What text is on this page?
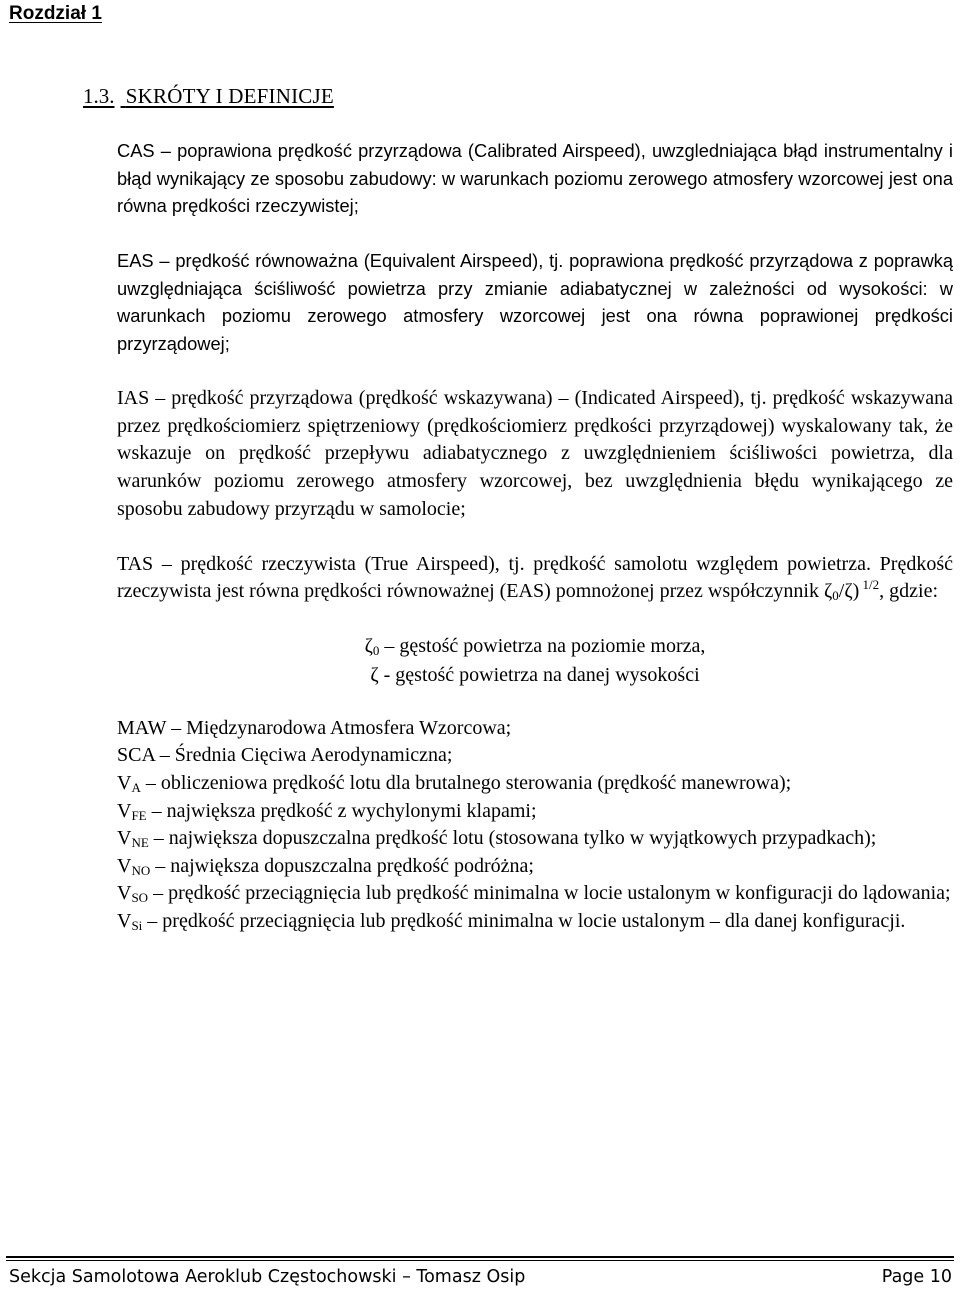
Rozdział 1
1.3. SKRÓTY I DEFINICJE

CAS – poprawiona prędkość przyrządowa (Calibrated Airspeed), uwzgledniająca błąd instrumentalny i błąd wynikający ze sposobu zabudowy: w warunkach poziomu zerowego atmosfery wzorcowej jest ona równa prędkości rzeczywistej;

EAS – prędkość równoważna (Equivalent Airspeed), tj. poprawiona prędkość przyrządowa z poprawką uwzględniająca ściśliwość powietrza przy zmianie adiabatycznej w zależności od wysokości: w warunkach poziomu zerowego atmosfery wzorcowej jest ona równa poprawionej prędkości przyrządowej;

IAS – prędkość przyrządowa (prędkość wskazywana) – (Indicated Airspeed), tj. prędkość wskazywana przez prędkościomierz spiętrzeniowy (prędkościomierz prędkości przyrządowej) wyskalowany tak, że wskazuje on prędkość przepływu adiabatycznego z uwzględnieniem ściśliwości powietrza, dla warunków poziomu zerowego atmosfery wzorcowej, bez uwzględnienia błędu wynikającego ze sposobu zabudowy przyrządu w samolocie;

TAS – prędkość rzeczywista (True Airspeed), tj. prędkość samolotu względem powietrza. Prędkość rzeczywista jest równa prędkości równoważnej (EAS) pomnożonej przez współczynnik $\zeta_0/\zeta$) $^{1/2}$, gdzie:

$\zeta_0$ – gęstość powietrza na poziomie morza,

ζ - gęstość powietrza na danej wysokości

MAW – Międzynarodowa Atmosfera Wzorcowa;

SCA – Średnia Cięciwa Aerodynamiczna;

$V_A$ – obliczeniowa prędkość lotu dla brutalnego sterowania (prędkość manewrowa);

$V_{FE}$ – największa prędkość z wychylonymi klapami;

$V_{NE}$ – największa dopuszczalna prędkość lotu (stosowana tylko w wyjątkowych przypadkach);

$V_{NO}$ – największa dopuszczalna prędkość podróżna;

$V_{SO}$ – prędkość przeciągnięcia lub prędkość minimalna w locie ustalonym w konfiguracji do lądowania;

$V_{Si}$ – prędkość przeciągnięcia lub prędkość minimalna w locie ustalonym – dla danej konfiguracji.

Sekcja Samolotowa Aeroklub Częstochowski – Tomasz Osip	Page 10
